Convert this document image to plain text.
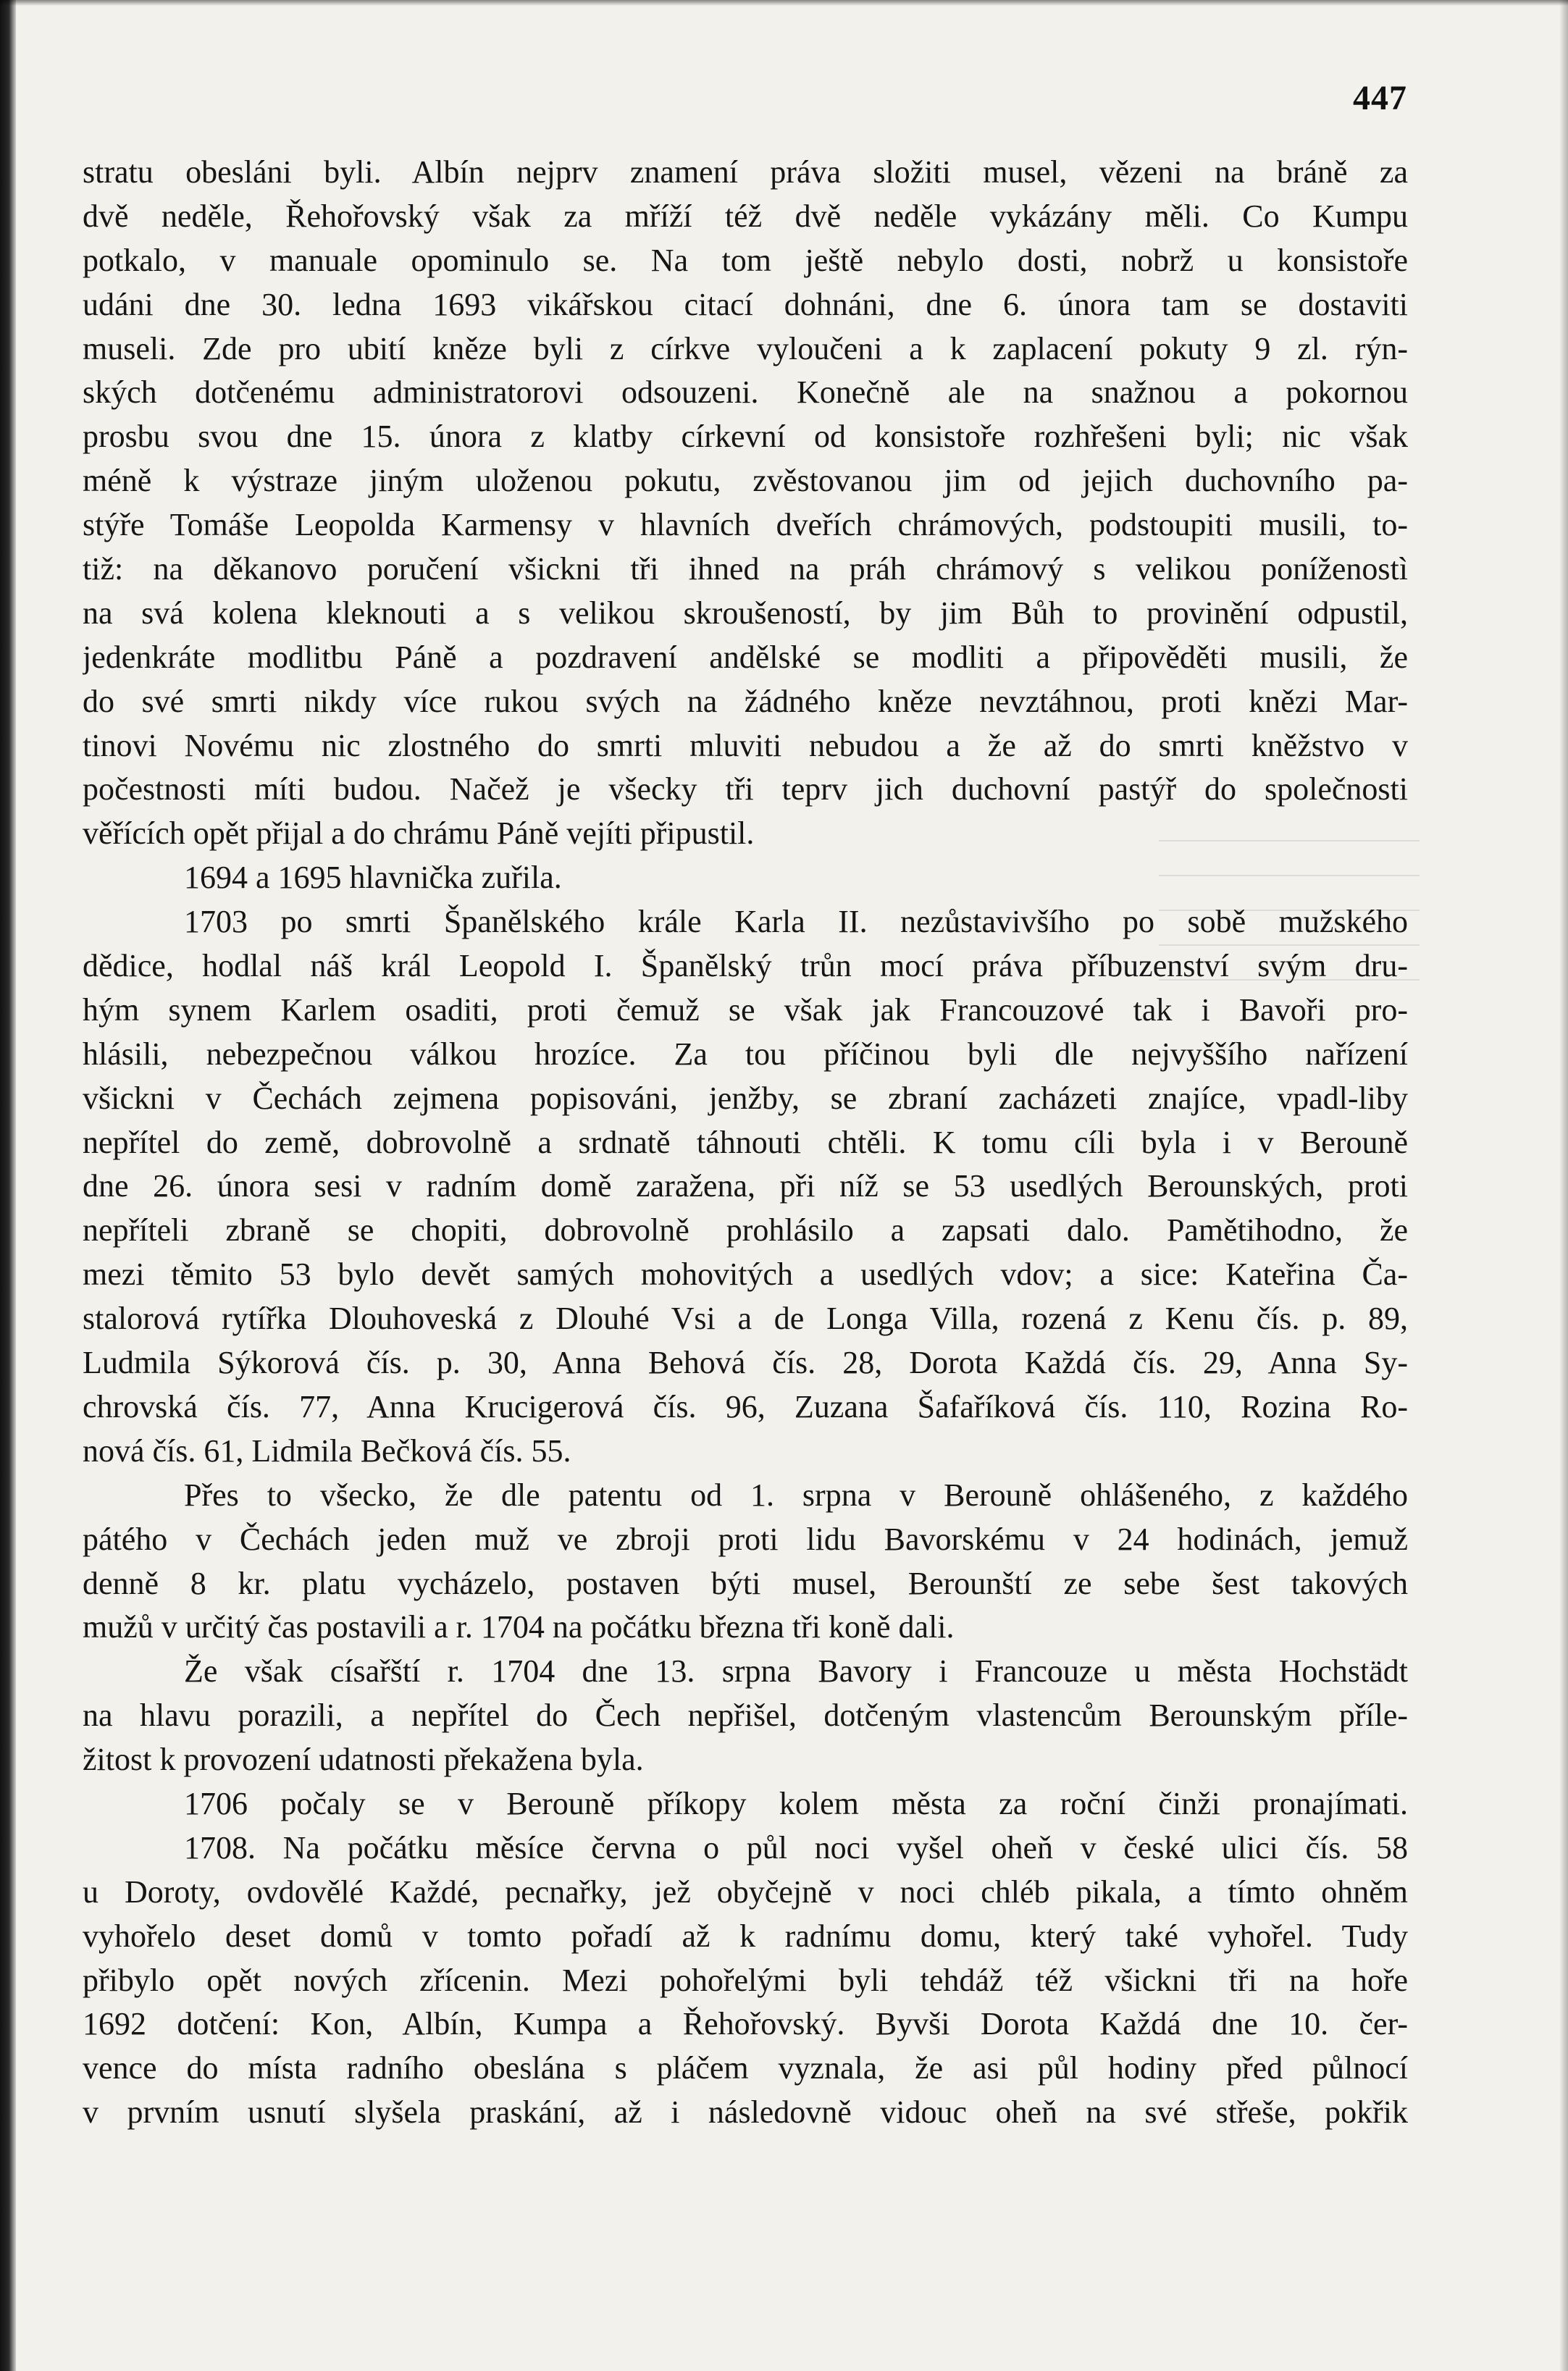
447
stratu obesláni byli. Albín nejprv znamení práva složiti musel, vězeni na bráně za
dvě neděle, Řehořovský však za mříží též dvě neděle vykázány měli. Co Kumpu
potkalo, v manuale opominulo se. Na tom ještě nebylo dosti, nobrž u konsistoře
udáni dne 30. ledna 1693 vikářskou citací dohnáni, dne 6. února tam se dostaviti
museli. Zde pro ubití kněze byli z církve vyloučeni a k zaplacení pokuty 9 zl. rýn-
ských dotčenému administratorovi odsouzeni. Konečně ale na snažnou a pokornou
prosbu svou dne 15. února z klatby církevní od konsistoře rozhřešeni byli; nic však
méně k výstraze jiným uloženou pokutu, zvěstovanou jim od jejich duchovního pa-
stýře Tomáše Leopolda Karmensy v hlavních dveřích chrámových, podstoupiti musili, to-
tiž: na děkanovo poručení všickni tři ihned na práh chrámový s velikou poníženostì
na svá kolena kleknouti a s velikou skroušeností, by jim Bůh to provinění odpustil,
jedenkráte modlitbu Páně a pozdravení andělské se modliti a připověděti musili, že
do své smrti nikdy více rukou svých na žádného kněze nevztáhnou, proti knězi Mar-
tinovi Novému nic zlostného do smrti mluviti nebudou a že až do smrti kněžstvo v
počestnosti míti budou. Načež je všecky tři teprv jich duchovní pastýř do společnosti
věřících opět přijal a do chrámu Páně vejíti připustil.
1694 a 1695 hlavnička zuřila.
1703 po smrti Španělského krále Karla II. nezůstavivšího po sobě mužského
dědice, hodlal náš král Leopold I. Španělský trůn mocí práva příbuzenství svým dru-
hým synem Karlem osaditi, proti čemuž se však jak Francouzové tak i Bavoři pro-
hlásili, nebezpečnou válkou hrozíce. Za tou příčinou byli dle nejvyššího nařízení
všickni v Čechách zejmena popisováni, jenžby, se zbraní zacházeti znajíce, vpadl-liby
nepřítel do země, dobrovolně a srdnatě táhnouti chtěli. K tomu cíli byla i v Berouně
dne 26. února sesi v radním domě zaražena, při níž se 53 usedlých Berounských, proti
nepříteli zbraně se chopiti, dobrovolně prohlásilo a zapsati dalo. Pamětihodno, že
mezi těmito 53 bylo devět samých mohovitých a usedlých vdov; a sice: Kateřina Ča-
stalorová rytířka Dlouhoveská z Dlouhé Vsi a de Longa Villa, rozená z Kenu čís. p. 89,
Ludmila Sýkorová čís. p. 30, Anna Behová čís. 28, Dorota Každá čís. 29, Anna Sy-
chrovská čís. 77, Anna Krucigerová čís. 96, Zuzana Šafaříková čís. 110, Rozina Ro-
nová čís. 61, Lidmila Bečková čís. 55.
Přes to všecko, že dle patentu od 1. srpna v Berouně ohlášeného, z každého
pátého v Čechách jeden muž ve zbroji proti lidu Bavorskému v 24 hodinách, jemuž
denně 8 kr. platu vycházelo, postaven býti musel, Berounští ze sebe šest takových
mužů v určitý čas postavili a r. 1704 na počátku března tři koně dali.
Že však císařští r. 1704 dne 13. srpna Bavory i Francouze u města Hochstädt
na hlavu porazili, a nepřítel do Čech nepřišel, dotčeným vlastencům Berounským příle-
žitost k provození udatnosti překažena byla.
1706 počaly se v Berouně příkopy kolem města za roční činži pronajímati.
1708. Na počátku měsíce června o půl noci vyšel oheň v české ulici čís. 58
u Doroty, ovdovělé Každé, pecnařky, jež obyčejně v noci chléb pikala, a tímto ohněm
vyhořelo deset domů v tomto pořadí až k radnímu domu, který také vyhořel. Tudy
přibylo opět nových zřícenin. Mezi pohořelými byli tehdáž též všickni tři na hoře
1692 dotčení: Kon, Albín, Kumpa a Řehořovský. Byvši Dorota Každá dne 10. čer-
vence do místa radního obeslána s pláčem vyznala, že asi půl hodiny před půlnocí
v prvním usnutí slyšela praskání, až i následovně vidouc oheň na své střeše, pokřik
